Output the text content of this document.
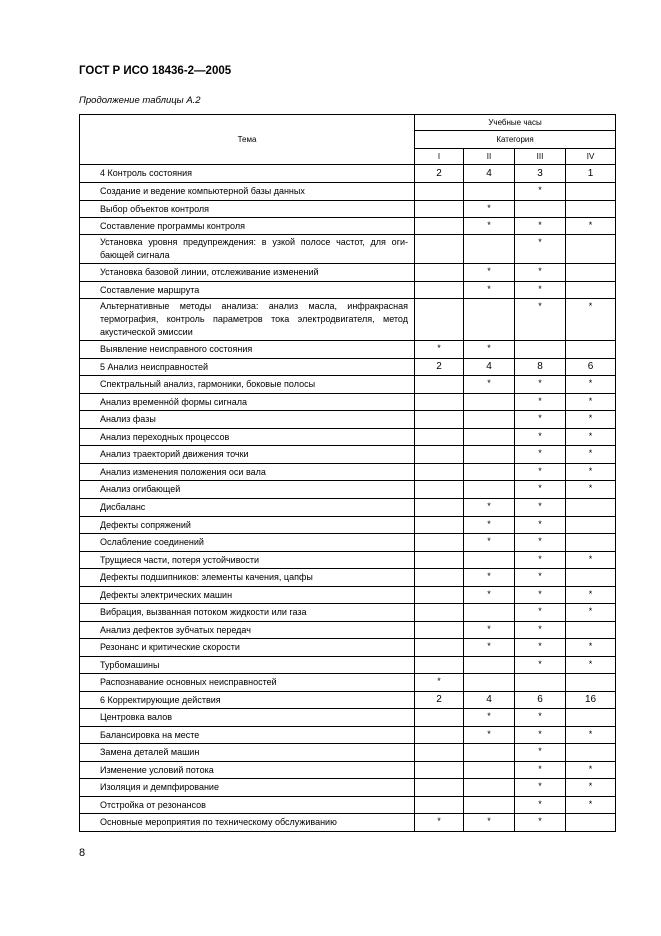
ГОСТ Р ИСО 18436-2—2005
Продолжение таблицы А.2
Тема	Учебные часы			
	Категория			
	I	II	III	IV
4 Контроль состояния	2	4	3	1
Создание и ведение компьютерной базы данных			*	
Выбор объектов контроля		*		
Составление программы контроля		*	*	*
Установка уровня предупреждения: в узкой полосе частот, для оги-бающей сигнала			*	
Установка базовой линии, отслеживание изменений		*	*	
Составление маршрута		*	*	
Альтернативные методы анализа: анализ масла, инфракрасная термография, контроль параметров тока электродвигателя, метод акустической эмиссии			*	*
Выявление неисправного состояния	*	*		
5 Анализ неисправностей	2	4	8	6
Спектральный анализ, гармоники, боковые полосы		*	*	*
Анализ временно́й формы сигнала			*	*
Анализ фазы			*	*
Анализ переходных процессов			*	*
Анализ траекторий движения точки			*	*
Анализ изменения положения оси вала			*	*
Анализ огибающей			*	*
Дисбаланс		*	*	
Дефекты сопряжений		*	*	
Ослабление соединений		*	*	
Трущиеся части, потеря устойчивости			*	*
Дефекты подшипников: элементы качения, цапфы		*	*	
Дефекты электрических машин		*	*	*
Вибрация, вызванная потоком жидкости или газа			*	*
Анализ дефектов зубчатых передач		*	*	
Резонанс и критические скорости		*	*	*
Турбомашины			*	*
Распознавание основных неисправностей	*			
6 Корректирующие действия	2	4	6	16
Центровка валов		*	*	
Балансировка на месте		*	*	*
Замена деталей машин			*	
Изменение условий потока			*	*
Изоляция и демпфирование			*	*
Отстройка от резонансов			*	*
Основные мероприятия по техническому обслуживанию	*	*	*	
8
